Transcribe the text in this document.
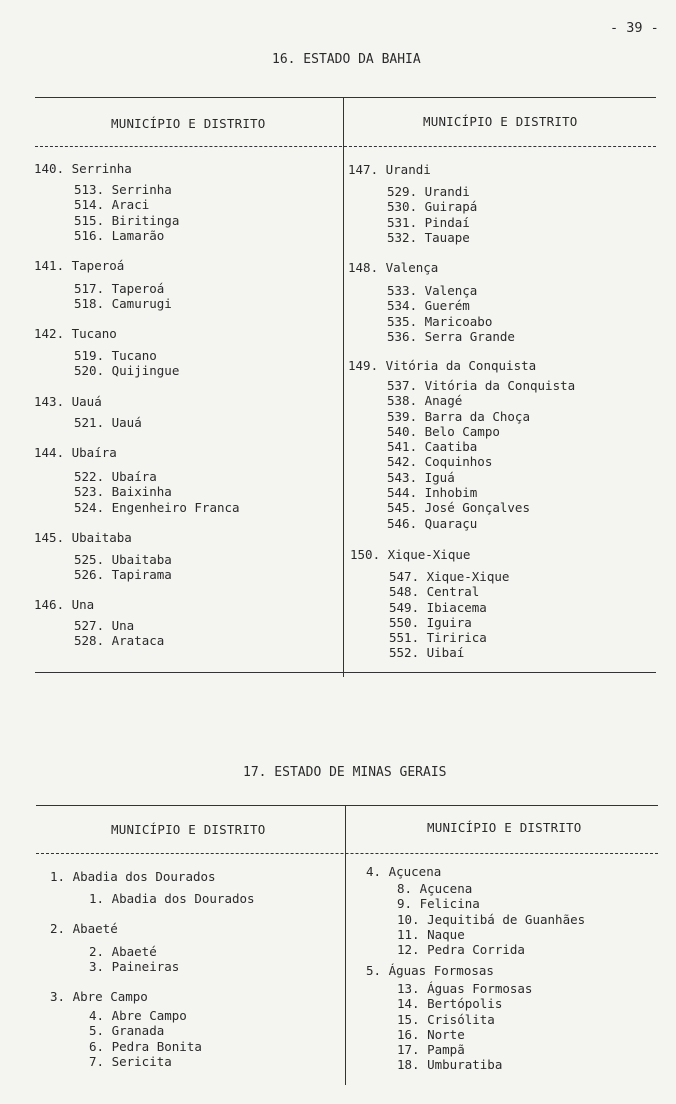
- 39 -
16. ESTADO DA BAHIA
MUNICÍPIO E DISTRITO	MUNICÍPIO E DISTRITO
140. Serrinha
513. Serrinha
514. Araci
515. Biritinga
516. Lamarão
141. Taperoá
517. Taperoá
518. Camurugi
142. Tucano
519. Tucano
520. Quijingue
143. Uauá
521. Uauá
144. Ubaíra
522. Ubaíra
523. Baixinha
524. Engenheiro Franca
145. Ubaitaba
525. Ubaitaba
526. Tapirama
146. Una
527. Una
528. Arataca
147. Urandi
529. Urandi
530. Guirapá
531. Pindaí
532. Tauape
148. Valença
533. Valença
534. Guerém
535. Maricoabo
536. Serra Grande
149. Vitória da Conquista
537. Vitória da Conquista
538. Anagé
539. Barra da Choça
540. Belo Campo
541. Caatiba
542. Coquinhos
543. Iguá
544. Inhobim
545. José Gonçalves
546. Quaraçu
150. Xique-Xique
547. Xique-Xique
548. Central
549. Ibiacema
550. Iguira
551. Tiririca
552. Uibaí
17. ESTADO DE MINAS GERAIS
MUNICÍPIO E DISTRITO	MUNICÍPIO E DISTRITO
1. Abadia dos Dourados
1. Abadia dos Dourados
2. Abaeté
2. Abaeté
3. Paineiras
3. Abre Campo
4. Abre Campo
5. Granada
6. Pedra Bonita
7. Sericita
4. Açucena
8. Açucena
9. Felicina
10. Jequitibá de Guanhães
11. Naque
12. Pedra Corrida
5. Águas Formosas
13. Águas Formosas
14. Bertópolis
15. Crisólita
16. Norte
17. Pampã
18. Umburatiba
